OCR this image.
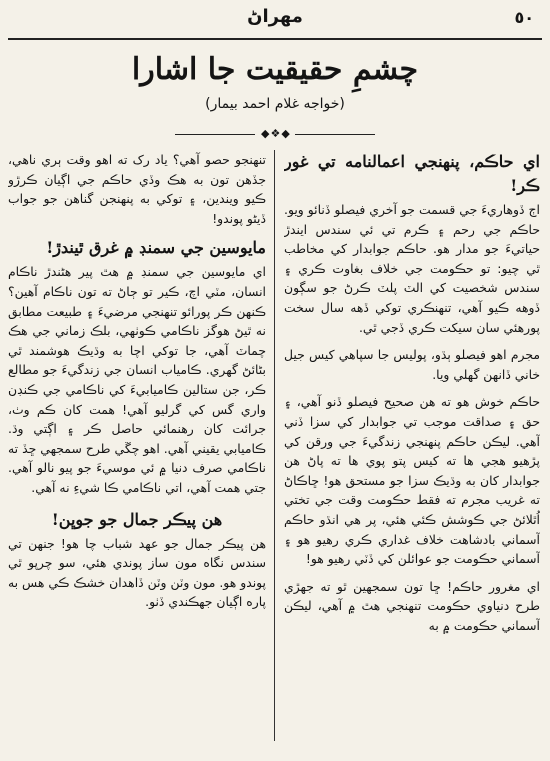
٥٠
مهراڻ
چشمِ حقيقيت جا اشارا
(خواجه غلام احمد بيمار)
◆❖◆
اي حاڪم، پنهنجي اعمالنامه تي غور ڪر!

اڄ ڏوهاريءَ جي قسمت جو آخري فيصلو ڏنائو ويو. حاڪم جي رحم ۽ ڪرم تي ئي سندس ايندڙ حياتيءَ جو مدار هو. حاڪم جوابدار کي مخاطب ٿي چيو: تو حڪومت جي خلاف بغاوت ڪري ۽ سندس شخصيت کي الٽ پلٽ ڪرڻ جو سڳون ڏوهه ڪيو آهي، تنهنڪري توکي ڏهه سال سخت پورهئي سان سيکت ڪري ڏجي ٿي.

مجرم اهو فيصلو ٻڌو، پوليس جا سپاهي کيس جيل خاني ڏانهن گهلي ويا.

حاڪم خوش هو ته هن صحيح فيصلو ڏنو آهي، ۽ حق ۽ صداقت موجب تي جوابدار کي سزا ڏني آهي. ليڪن حاڪم پنهنجي زندگيءَ جي ورقن کي پڙهيو هجي ها ته کيس پتو پوي ها ته پاڻ هن جوابدار کان به وڌيڪ سزا جو مستحق هو! ڇاڪاڻ ته غريب مجرم ته فقط حڪومت وقت جي تختي اُٿلائڻ جي ڪوشش ڪئي هئي، پر هي انڌو حاڪم آسماني بادشاهت خلاف غداري ڪري رهيو هو ۽ آسماني حڪومت جو عوائلن کي ڏٽي رهيو هو!

اي مغرور حاڪم! ڇا تون سمجهين ٿو ته جهڙي طرح دنياوي حڪومت تنهنجي هٿ ۾ آهي، ليڪن آسماني حڪومت ۾ به

تنهنجو حصو آهي؟ ياد رک ته اهو وقت ٻري ناهي، جڏهن تون به هڪ وڏي حاڪم جي اڳيان ڪرڙو ڪيو ويندين، ۽ توکي به پنهنجن گناهن جو جواب ڏيڻو پوندو!

مايوسين جي سمنڊ ۾ غرق ٿيندڙ!

اي مايوسين جي سمنڊ ۾ هٿ پير هڻندڙ ناڪام انسان، مٽي اچ، ڪير تو ڄاڻ ته تون ناڪام آهين؟ ڪنهن ڪر پورائو تنهنجي مرضيءَ ۽ طبيعت مطابق نه ٿيڻ هوگز ناڪامي ڪوٺهي، بلڪ زماني جي هڪ چماٽ آهي، جا توکي اچا به وڌيڪ هوشمند ٿي بڻائڻ گهري. ڪامياب انسان جي زندگيءَ جو مطالع ڪر، جن ستالين ڪاميابيءَ کي ناڪامي جي ڪنڊن واري گس کي گرليو آهي! همت کان ڪم وٺ، جرائت کان رهنمائي حاصل ڪر ۽ اڳتي وڌ. ڪاميابي يقيني آهي. اهو چڱي طرح سمجهي ڇڏ ته ناڪامي صرف دنيا ۾ ئي موسيءَ جو پيو نالو آهي. جتي همت آهي، اتي ناڪامي ڪا شيءِ نه آهي.

هن پيڪر جمال جو جوڀن!

هن پيڪر جمال جو عهد شباب چا هو! جنهن تي سندس نگاه مون ساز پوندي هئي، سو چرپو ٿي پوندو هو. مون وٽن وٽن ڏاهدان خشڪ ڪي هس به پاره اڳيان جهڪندي ڏٺو.
